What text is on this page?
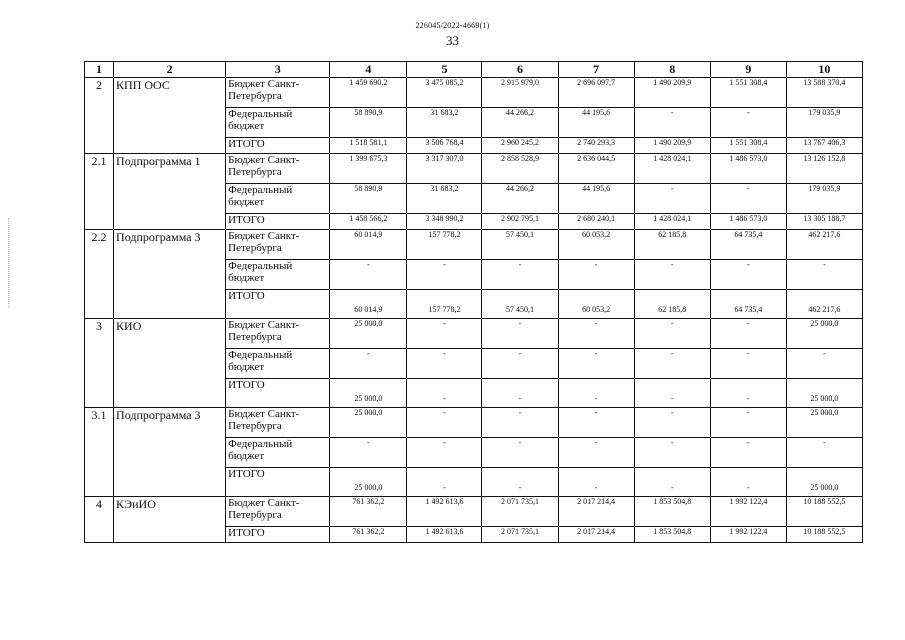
226045/2022-4669(1)
33
1	2	3	4	5	6	7	8	9	10
2	КПП ООС	Бюджет Санкт-Петербурга	1 459 690,2	3 475 085,2	2 915 979,0	2 696 097,7	1 490 209,9	1 551 308,4	13 588 370,4
		Федеральный бюджет	58 890,9	31 683,2	44 266,2	44 195,6	-	-	179 035,9
		ИТОГО	1 518 581,1	3 506 768,4	2 960 245,2	2 740 293,3	1 490 209,9	1 551 308,4	13 767 406,3
2.1	Подпрограмма 1	Бюджет Санкт-Петербурга	1 399 675,3	3 317 307,0	2 858 528,9	2 636 044,5	1 428 024,1	1 486 573,0	13 126 152,8
		Федеральный бюджет	58 890,9	31 683,2	44 266,2	44 195,6	-	-	179 035,9
		ИТОГО	1 458 566,2	3 348 990,2	2 902 795,1	2 680 240,1	1 428 024,1	1 486 573,0	13 305 188,7
2.2	Подпрограмма 3	Бюджет Санкт-Петербурга	60 014,9	157 778,2	57 450,1	60 053,2	62 185,8	64 735,4	462 217,6
		Федеральный бюджет	-	-	-	-	-	-	-
		ИТОГО	60 014,9	157 778,2	57 450,1	60 053,2	62 185,8	64 735,4	462 217,6
3	КИО	Бюджет Санкт-Петербурга	25 000,0	-	-	-	-	-	25 000,0
		Федеральный бюджет	-	-	-	-	-	-	-
		ИТОГО	25 000,0	-	-	-	-	-	25 000,0
3.1	Подпрограмма 3	Бюджет Санкт-Петербурга	25 000,0	-	-	-	-	-	25 000,0
		Федеральный бюджет	-	-	-	-	-	-	-
		ИТОГО	25 000,0	-	-	-	-	-	25 000,0
4	КЭиИО	Бюджет Санкт-Петербурга	761 362,2	1 492 613,6	2 071 735,1	2 017 214,4	1 853 504,8	1 992 122,4	10 188 552,5
		ИТОГО	761 362,2	1 492 613,6	2 071 735,1	2 017 214,4	1 853 504,8	1 992 122,4	10 188 552,5
